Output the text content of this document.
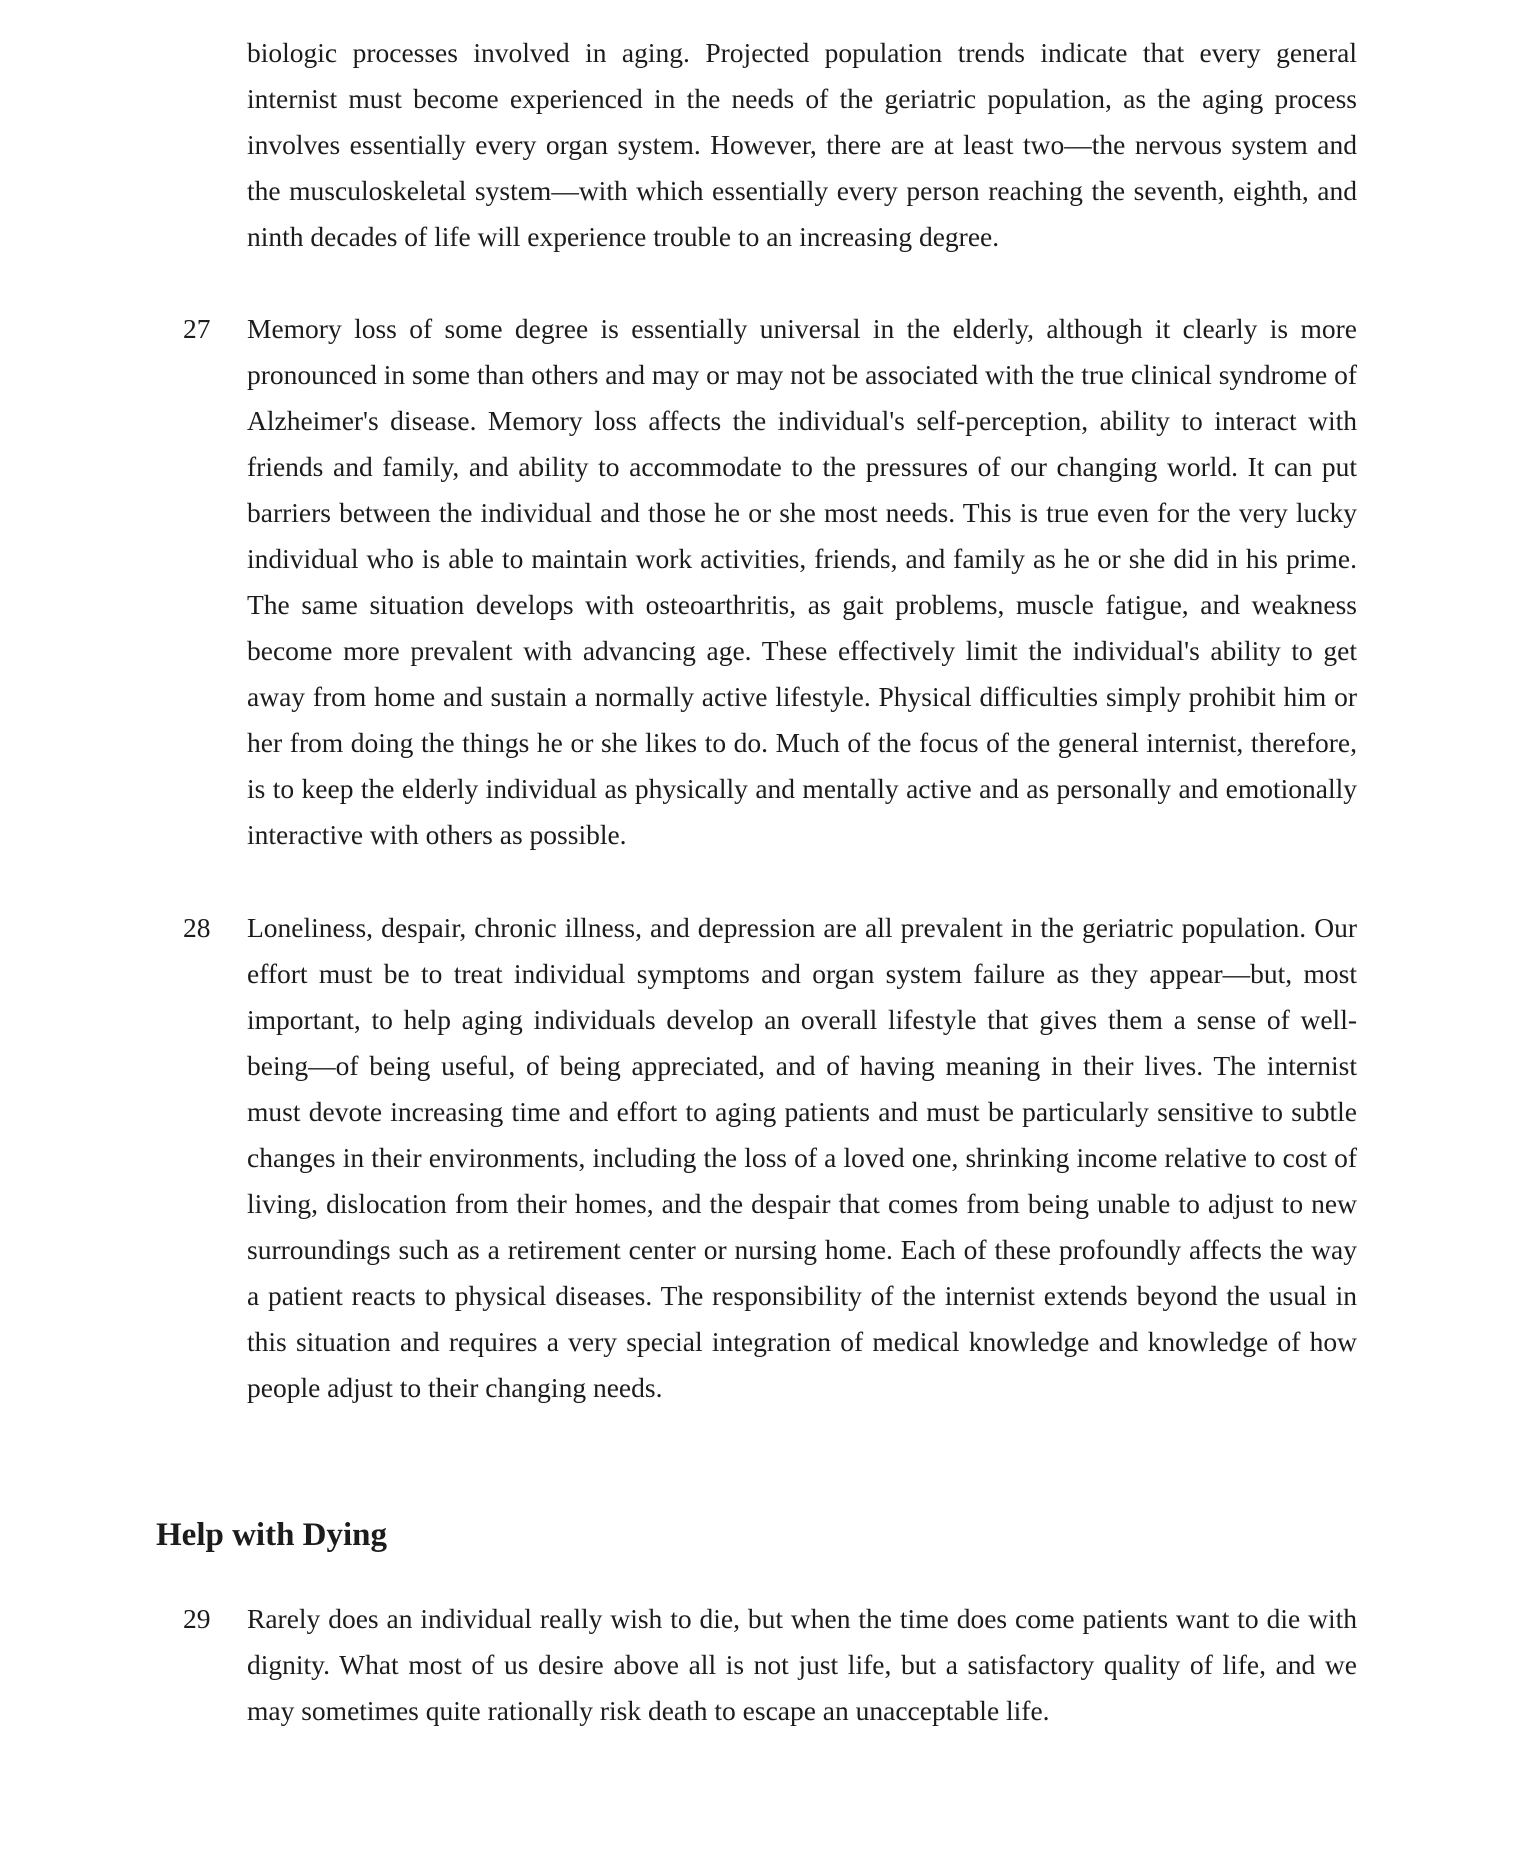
biologic processes involved in aging. Projected population trends indicate that every general internist must become experienced in the needs of the geriatric population, as the aging process involves essentially every organ system. However, there are at least two—the nervous system and the musculoskeletal system—with which essentially every person reaching the seventh, eighth, and ninth decades of life will experience trouble to an increasing degree.

27 Memory loss of some degree is essentially universal in the elderly, although it clearly is more pronounced in some than others and may or may not be associated with the true clinical syndrome of Alzheimer's disease. Memory loss affects the individual's self-perception, ability to interact with friends and family, and ability to accommodate to the pressures of our changing world. It can put barriers between the individual and those he or she most needs. This is true even for the very lucky individual who is able to maintain work activities, friends, and family as he or she did in his prime. The same situation develops with osteoarthritis, as gait problems, muscle fatigue, and weakness become more prevalent with advancing age. These effectively limit the individual's ability to get away from home and sustain a normally active lifestyle. Physical difficulties simply prohibit him or her from doing the things he or she likes to do. Much of the focus of the general internist, therefore, is to keep the elderly individual as physically and mentally active and as personally and emotionally interactive with others as possible.

28 Loneliness, despair, chronic illness, and depression are all prevalent in the geriatric population. Our effort must be to treat individual symptoms and organ system failure as they appear—but, most important, to help aging individuals develop an overall lifestyle that gives them a sense of well-being—of being useful, of being appreciated, and of having meaning in their lives. The internist must devote increasing time and effort to aging patients and must be particularly sensitive to subtle changes in their environments, including the loss of a loved one, shrinking income relative to cost of living, dislocation from their homes, and the despair that comes from being unable to adjust to new surroundings such as a retirement center or nursing home. Each of these profoundly affects the way a patient reacts to physical diseases. The responsibility of the internist extends beyond the usual in this situation and requires a very special integration of medical knowledge and knowledge of how people adjust to their changing needs.

Help with Dying
29 Rarely does an individual really wish to die, but when the time does come patients want to die with dignity. What most of us desire above all is not just life, but a satisfactory quality of life, and we may sometimes quite rationally risk death to escape an unacceptable life.
